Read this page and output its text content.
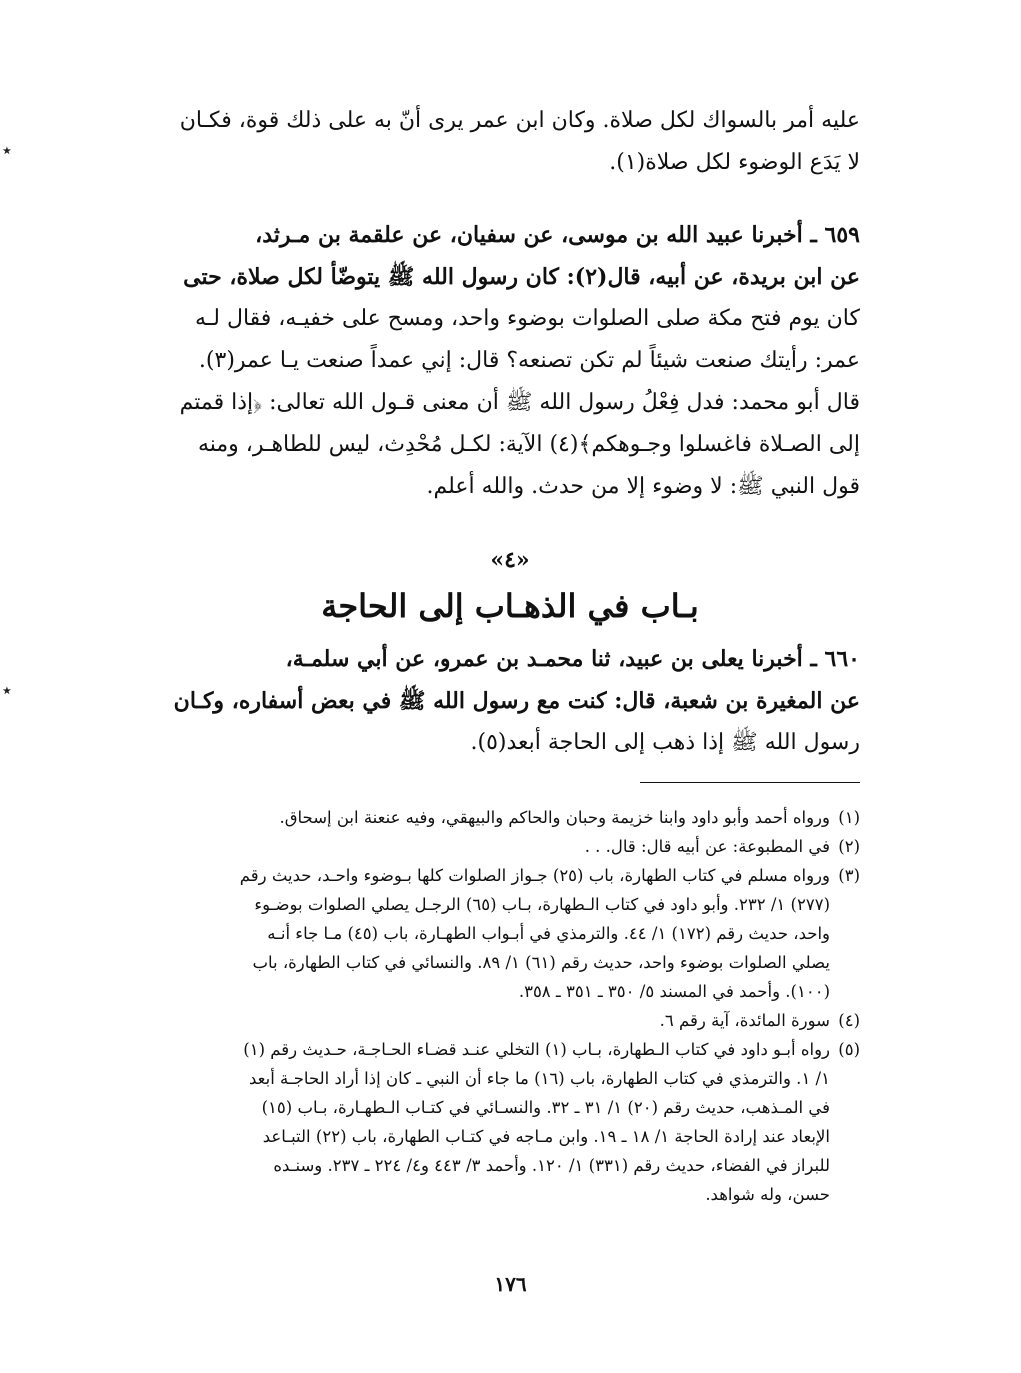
٭
٭
عليه أمر بالسواك لكل صلاة. وكان ابن عمر يرى أنّ به على ذلك قوة، فكـان
لا يَدَع الوضوء لكل صلاة(١).
٦٥٩ ـ أخبرنا عبيد الله بن موسى، عن سفيان، عن علقمة بن مـرثد،
عن ابن بريدة، عن أبيه، قال(٢): كان رسول الله ﷺ يتوضّأ لكل صلاة، حتى
كان يوم فتح مكة صلى الصلوات بوضوء واحد، ومسح على خفيـه، فقال لـه
عمر: رأيتك صنعت شيئاً لم تكن تصنعه؟ قال: إني عمداً صنعت يـا عمر(٣).
قال أبو محمد: فدل فِعْلُ رسول الله ﷺ أن معنى قـول الله تعالى: ﴿إذا قمتم
إلى الصـلاة فاغسلوا وجـوهكم﴾(٤) الآية: لكـل مُحْدِث، ليس للطاهـر، ومنه
قول النبي ﷺ: لا وضوء إلا من حدث. والله أعلم.
«٤»
بـاب في الذهـاب إلى الحاجة
٦٦٠ ـ أخبرنا يعلى بن عبيد، ثنا محمـد بن عمرو، عن أبي سلمـة،
عن المغيرة بن شعبة، قال: كنت مع رسول الله ﷺ في بعض أسفاره، وكـان
رسول الله ﷺ إذا ذهب إلى الحاجة أبعد(٥).
(١)ورواه أحمد وأبو داود وابنا خزيمة وحبان والحاكم والبيهقي، وفيه عنعنة ابن إسحاق.
(٢)في المطبوعة: عن أبيه قال: قال. . .
(٣)ورواه مسلم في كتاب الطهارة، باب (٢٥) جـواز الصلوات كلها بـوضوء واحـد، حديث رقم
(٢٧٧) ١/ ٢٣٢. وأبو داود في كتاب الـطهارة، بـاب (٦٥) الرجـل يصلي الصلوات بوضـوء
واحد، حديث رقم (١٧٢) ١/ ٤٤. والترمذي في أبـواب الطهـارة، باب (٤٥) مـا جاء أنـه
يصلي الصلوات بوضوء واحد، حديث رقم (٦١) ١/ ٨٩. والنسائي في كتاب الطهارة، باب
(١٠٠). وأحمد في المسند ٥/ ٣٥٠ ـ ٣٥١ ـ ٣٥٨.
(٤)سورة المائدة، آية رقم ٦.
(٥)رواه أبـو داود في كتاب الـطهارة، بـاب (١) التخلي عنـد قضـاء الحـاجـة، حـديث رقم (١)
١/ ١. والترمذي في كتاب الطهارة، باب (١٦) ما جاء أن النبي ـ كان إذا أراد الحاجـة أبعد
في المـذهب، حديث رقم (٢٠) ١/ ٣١ ـ ٣٢. والنسـائي في كتـاب الـطهـارة، بـاب (١٥)
الإبعاد عند إرادة الحاجة ١/ ١٨ ـ ١٩. وابن مـاجه في كتـاب الطهارة، باب (٢٢) التبـاعد
للبراز في الفضاء، حديث رقم (٣٣١) ١/ ١٢٠. وأحمد ٣/ ٤٤٣ و٤/ ٢٢٤ ـ ٢٣٧. وسنـده
حسن، وله شواهد.
١٧٦
